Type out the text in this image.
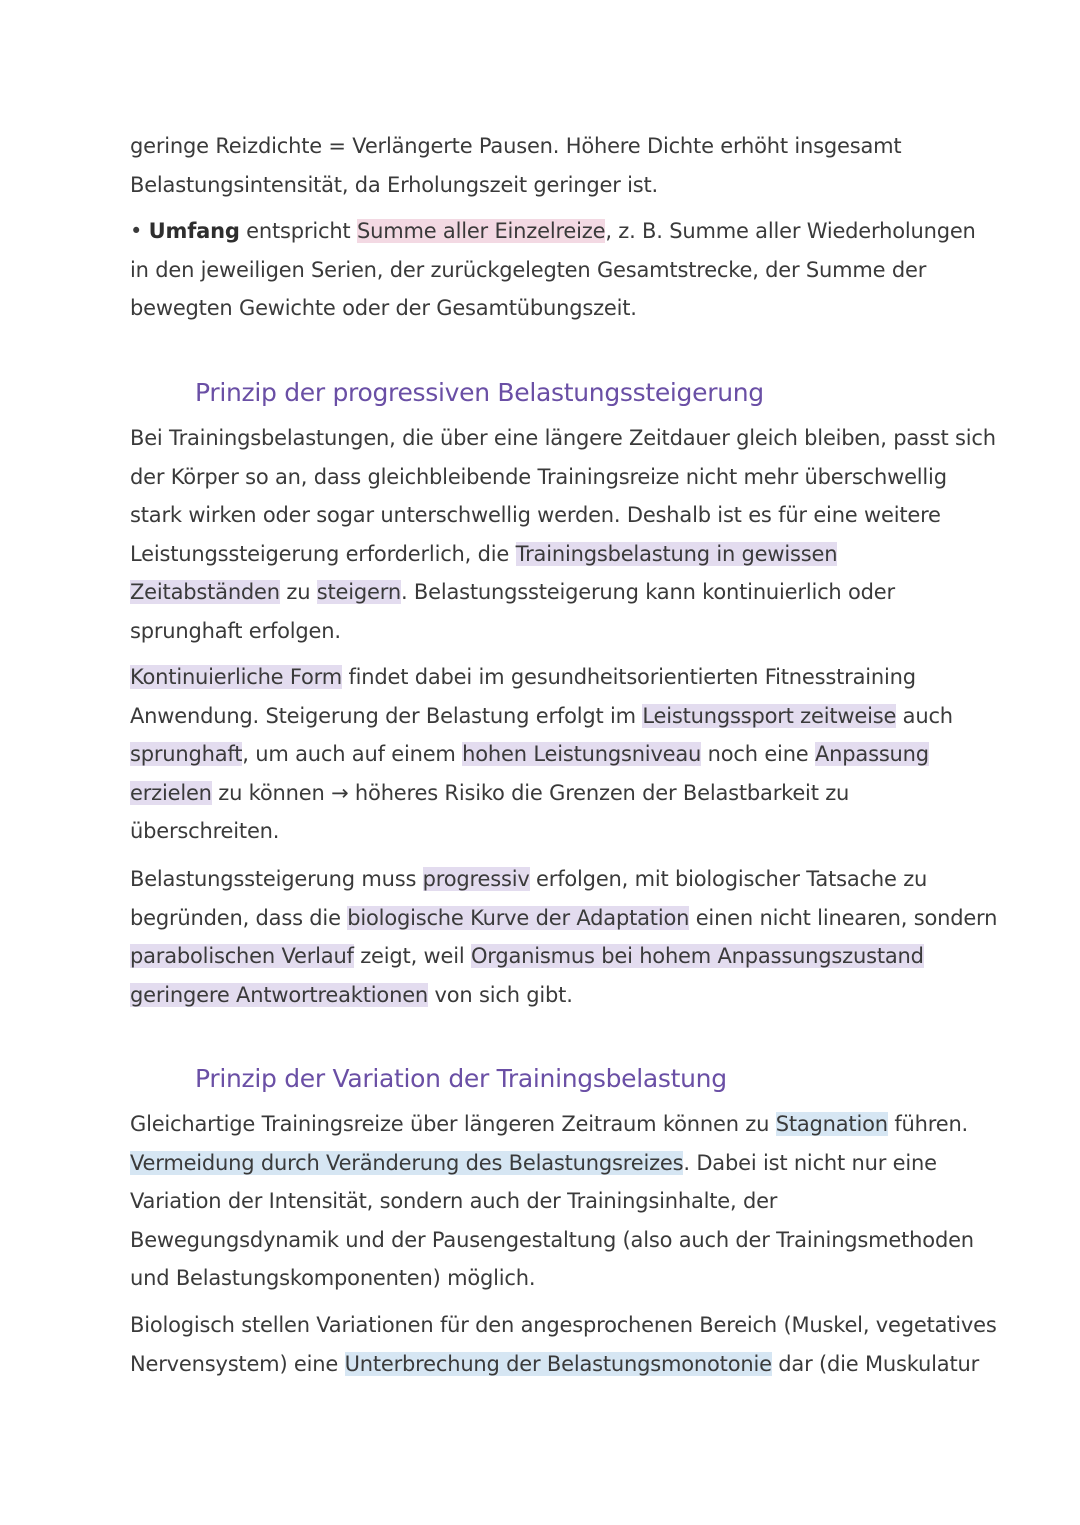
geringe Reizdichte = Verlängerte Pausen. Höhere Dichte erhöht insgesamt
Belastungsintensität, da Erholungszeit geringer ist.
• Umfang entspricht Summe aller Einzelreize, z. B. Summe aller Wiederholungen
in den jeweiligen Serien, der zurückgelegten Gesamtstrecke, der Summe der
bewegten Gewichte oder der Gesamtübungszeit.
Prinzip der progressiven Belastungssteigerung
Bei Trainingsbelastungen, die über eine längere Zeitdauer gleich bleiben, passt sich
der Körper so an, dass gleichbleibende Trainingsreize nicht mehr überschwellig
stark wirken oder sogar unterschwellig werden. Deshalb ist es für eine weitere
Leistungssteigerung erforderlich, die Trainingsbelastung in gewissen
Zeitabständen zu steigern. Belastungssteigerung kann kontinuierlich oder
sprunghaft erfolgen.
Kontinuierliche Form findet dabei im gesundheitsorientierten Fitnesstraining
Anwendung. Steigerung der Belastung erfolgt im Leistungssport zeitweise auch
sprunghaft, um auch auf einem hohen Leistungsniveau noch eine Anpassung
erzielen zu können → höheres Risiko die Grenzen der Belastbarkeit zu
überschreiten.
Belastungssteigerung muss progressiv erfolgen, mit biologischer Tatsache zu
begründen, dass die biologische Kurve der Adaptation einen nicht linearen, sondern
parabolischen Verlauf zeigt, weil Organismus bei hohem Anpassungszustand
geringere Antwortreaktionen von sich gibt.
Prinzip der Variation der Trainingsbelastung
Gleichartige Trainingsreize über längeren Zeitraum können zu Stagnation führen.
Vermeidung durch Veränderung des Belastungsreizes. Dabei ist nicht nur eine
Variation der Intensität, sondern auch der Trainingsinhalte, der
Bewegungsdynamik und der Pausengestaltung (also auch der Trainingsmethoden
und Belastungskomponenten) möglich.
Biologisch stellen Variationen für den angesprochenen Bereich (Muskel, vegetatives
Nervensystem) eine Unterbrechung der Belastungsmonotonie dar (die Muskulatur
